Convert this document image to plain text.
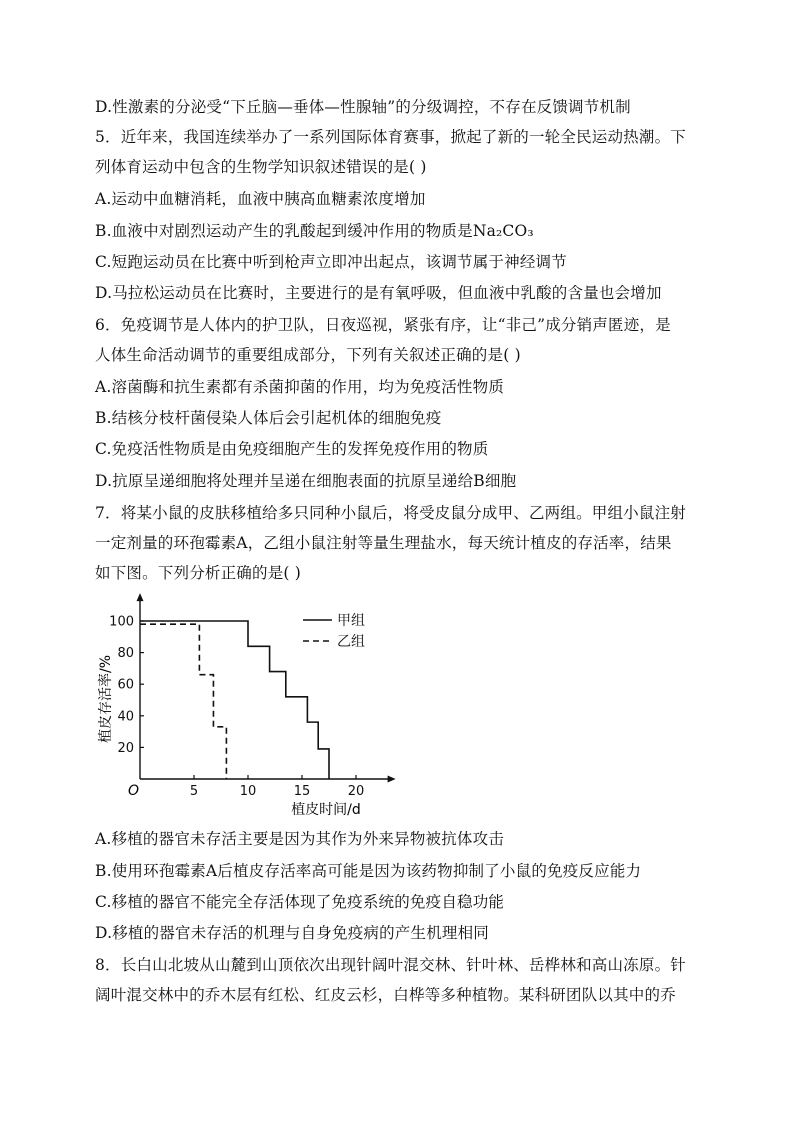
D.性激素的分泌受“下丘脑—垂体—性腺轴”的分级调控，不存在反馈调节机制
5．近年来，我国连续举办了一系列国际体育赛事，掀起了新的一轮全民运动热潮。下
列体育运动中包含的生物学知识叙述错误的是( )
A.运动中血糖消耗，血液中胰高血糖素浓度增加
B.血液中对剧烈运动产生的乳酸起到缓冲作用的物质是Na₂CO₃
C.短跑运动员在比赛中听到枪声立即冲出起点，该调节属于神经调节
D.马拉松运动员在比赛时，主要进行的是有氧呼吸，但血液中乳酸的含量也会增加
6．免疫调节是人体内的护卫队，日夜巡视，紧张有序，让“非己”成分销声匿迹，是
人体生命活动调节的重要组成部分，下列有关叙述正确的是( )
A.溶菌酶和抗生素都有杀菌抑菌的作用，均为免疫活性物质
B.结核分枝杆菌侵染人体后会引起机体的细胞免疫
C.免疫活性物质是由免疫细胞产生的发挥免疫作用的物质
D.抗原呈递细胞将处理并呈递在细胞表面的抗原呈递给B细胞
7．将某小鼠的皮肤移植给多只同种小鼠后，将受皮鼠分成甲、乙两组。甲组小鼠注射
一定剂量的环孢霉素A，乙组小鼠注射等量生理盐水，每天统计植皮的存活率，结果
如下图。下列分析正确的是( )
5	10	15	20
20
40
60
80
100	甲组
乙组
植皮时间/d
植皮存活率/%
O
A.移植的器官未存活主要是因为其作为外来异物被抗体攻击
B.使用环孢霉素A后植皮存活率高可能是因为该药物抑制了小鼠的免疫反应能力
C.移植的器官不能完全存活体现了免疫系统的免疫自稳功能
D.移植的器官未存活的机理与自身免疫病的产生机理相同
8．长白山北坡从山麓到山顶依次出现针阔叶混交林、针叶林、岳桦林和高山冻原。针
阔叶混交林中的乔木层有红松、红皮云杉，白桦等多种植物。某科研团队以其中的乔
